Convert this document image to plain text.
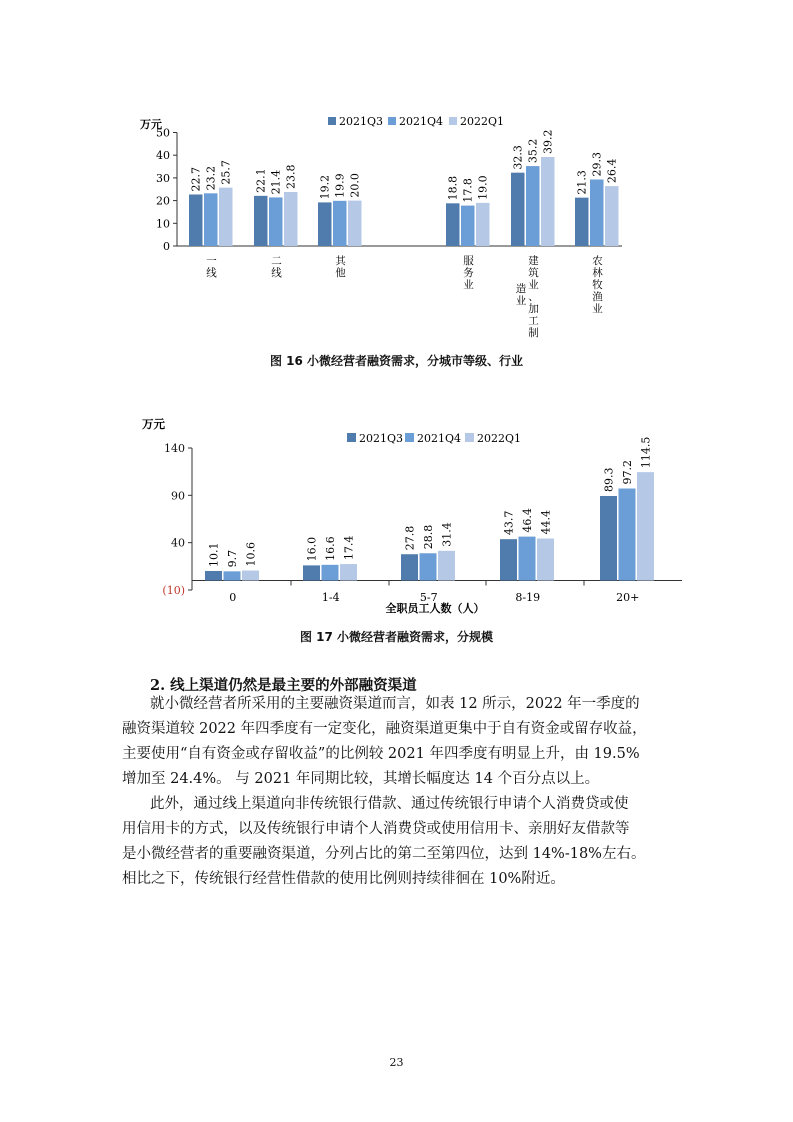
0
10
20
30
40
50
万元	2021Q3 2021Q4 2022Q1
22.7 23.2 25.7
一
线
22.1 21.4 23.8
二
线
19.2 19.9 20.0
其
他
18.8 17.8 19.0
服
务
业
32.3 35.2 39.2
建
筑
业
、
加
工
制
21.3
29.3 26.4
农
林
牧
渔
业
造
业
图 16 小微经营者融资需求，分城市等级、行业
(10)
40
90
140
万元
2021Q3 2021Q4 2022Q1
10.1 9.7 10.6
0
16.0 16.6 17.4
1-4
27.8 28.8 31.4
5-7
43.7 46.4 44.4
8-19
89.3 97.2
114.5
20+
全职员工人数（人）
图 17 小微经营者融资需求，分规模
2. 线上渠道仍然是最主要的外部融资渠道

就小微经营者所采用的主要融资渠道而言，如表 12 所示，2022 年一季度的
融资渠道较 2022 年四季度有一定变化，融资渠道更集中于自有资金或留存收益，
主要使用“自有资金或存留收益”的比例较 2021 年四季度有明显上升，由 19.5%
增加至 24.4%。 与 2021 年同期比较，其增长幅度达 14 个百分点以上。

此外，通过线上渠道向非传统银行借款、通过传统银行申请个人消费贷或使
用信用卡的方式，以及传统银行申请个人消费贷或使用信用卡、亲朋好友借款等
是小微经营者的重要融资渠道，分列占比的第二至第四位，达到 14%-18%左右。
相比之下，传统银行经营性借款的使用比例则持续徘徊在 10%附近。

23
